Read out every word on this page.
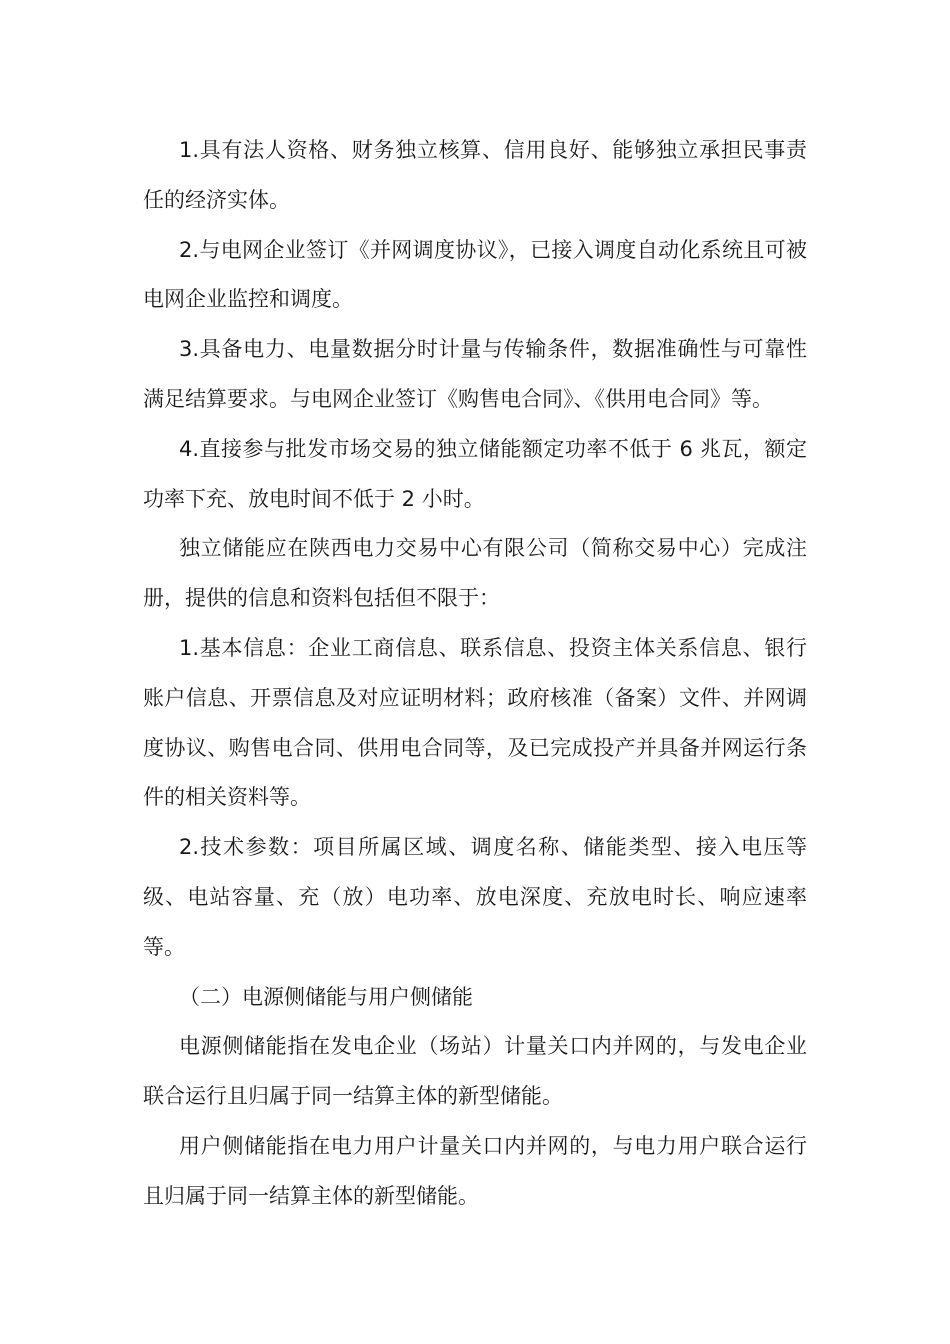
1.具有法人资格、财务独立核算、信用良好、能够独立承担民事责任的经济实体。

2.与电网企业签订《并网调度协议》，已接入调度自动化系统且可被电网企业监控和调度。

3.具备电力、电量数据分时计量与传输条件，数据准确性与可靠性满足结算要求。与电网企业签订《购售电合同》、《供用电合同》等。

4.直接参与批发市场交易的独立储能额定功率不低于 6 兆瓦，额定功率下充、放电时间不低于 2 小时。

独立储能应在陕西电力交易中心有限公司（简称交易中心）完成注册，提供的信息和资料包括但不限于：

1.基本信息：企业工商信息、联系信息、投资主体关系信息、银行账户信息、开票信息及对应证明材料；政府核准（备案）文件、并网调度协议、购售电合同、供用电合同等，及已完成投产并具备并网运行条件的相关资料等。

2.技术参数：项目所属区域、调度名称、储能类型、接入电压等级、电站容量、充（放）电功率、放电深度、充放电时长、响应速率等。

（二）电源侧储能与用户侧储能

电源侧储能指在发电企业（场站）计量关口内并网的，与发电企业联合运行且归属于同一结算主体的新型储能。

用户侧储能指在电力用户计量关口内并网的，与电力用户联合运行且归属于同一结算主体的新型储能。
